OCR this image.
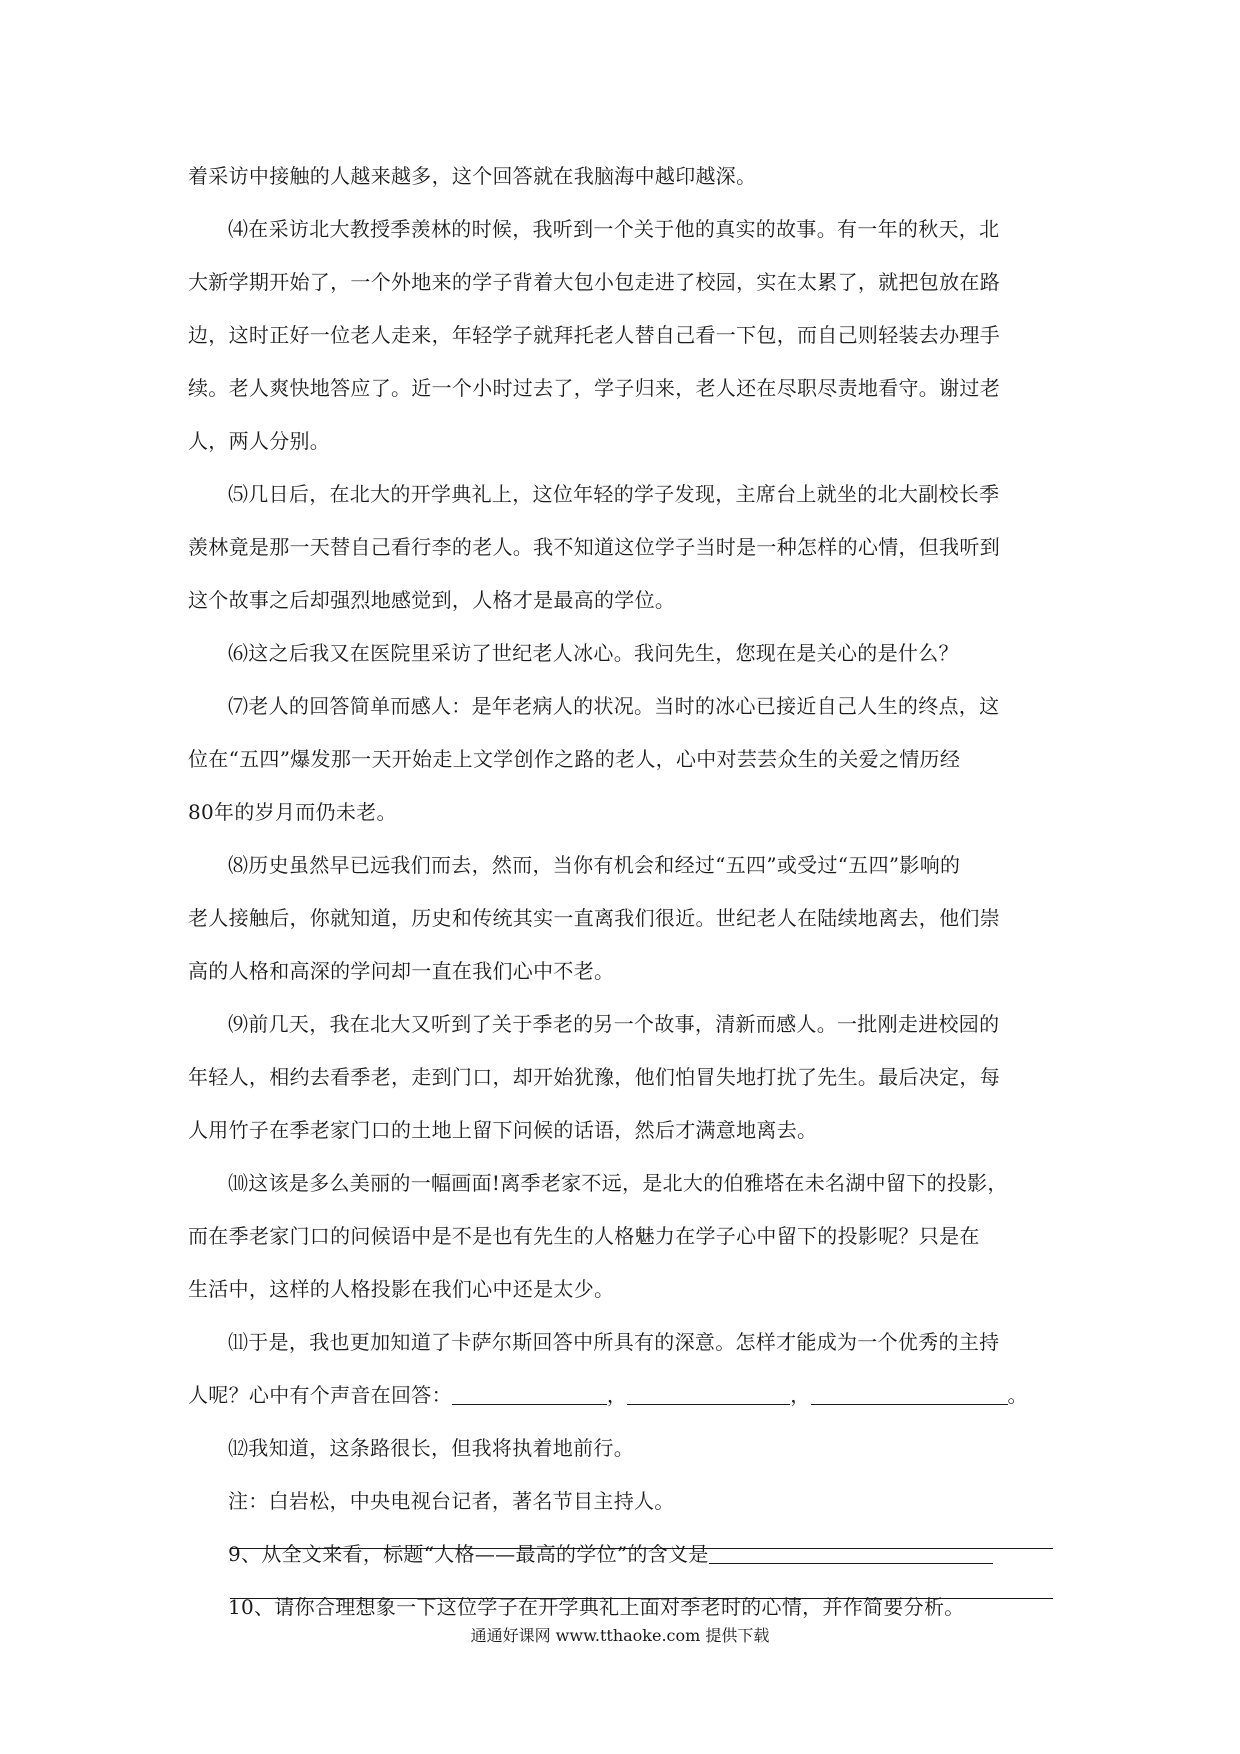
着采访中接触的人越来越多，这个回答就在我脑海中越印越深。
⑷在采访北大教授季羡林的时候，我听到一个关于他的真实的故事。有一年的秋天，北
大新学期开始了，一个外地来的学子背着大包小包走进了校园，实在太累了，就把包放在路
边，这时正好一位老人走来，年轻学子就拜托老人替自己看一下包，而自己则轻装去办理手
续。老人爽快地答应了。近一个小时过去了，学子归来，老人还在尽职尽责地看守。谢过老
人，两人分别。
⑸几日后，在北大的开学典礼上，这位年轻的学子发现，主席台上就坐的北大副校长季
羡林竟是那一天替自己看行李的老人。我不知道这位学子当时是一种怎样的心情，但我听到
这个故事之后却强烈地感觉到，人格才是最高的学位。
⑹这之后我又在医院里采访了世纪老人冰心。我问先生，您现在是关心的是什么？
⑺老人的回答简单而感人：是年老病人的状况。当时的冰心已接近自己人生的终点，这
位在“五四”爆发那一天开始走上文学创作之路的老人，心中对芸芸众生的关爱之情历经
80年的岁月而仍未老。
⑻历史虽然早已远我们而去，然而，当你有机会和经过“五四”或受过“五四”影响的
老人接触后，你就知道，历史和传统其实一直离我们很近。世纪老人在陆续地离去，他们崇
高的人格和高深的学问却一直在我们心中不老。
⑼前几天，我在北大又听到了关于季老的另一个故事，清新而感人。一批刚走进校园的
年轻人，相约去看季老，走到门口，却开始犹豫，他们怕冒失地打扰了先生。最后决定，每
人用竹子在季老家门口的土地上留下问候的话语，然后才满意地离去。
⑽这该是多么美丽的一幅画面!离季老家不远，是北大的伯雅塔在未名湖中留下的投影，
而在季老家门口的问候语中是不是也有先生的人格魅力在学子心中留下的投影呢？只是在
生活中，这样的人格投影在我们心中还是太少。
⑾于是，我也更加知道了卡萨尔斯回答中所具有的深意。怎样才能成为一个优秀的主持
人呢？心中有个声音在回答：	，	，	。
⑿我知道，这条路很长，但我将执着地前行。
注：白岩松，中央电视台记者，著名节目主持人。
9、从全文来看，标题“人格——最高的学位”的含义是
10、请你合理想象一下这位学子在开学典礼上面对季老时的心情，并作简要分析。
通通好课网 www.tthaoke.com 提供下载
